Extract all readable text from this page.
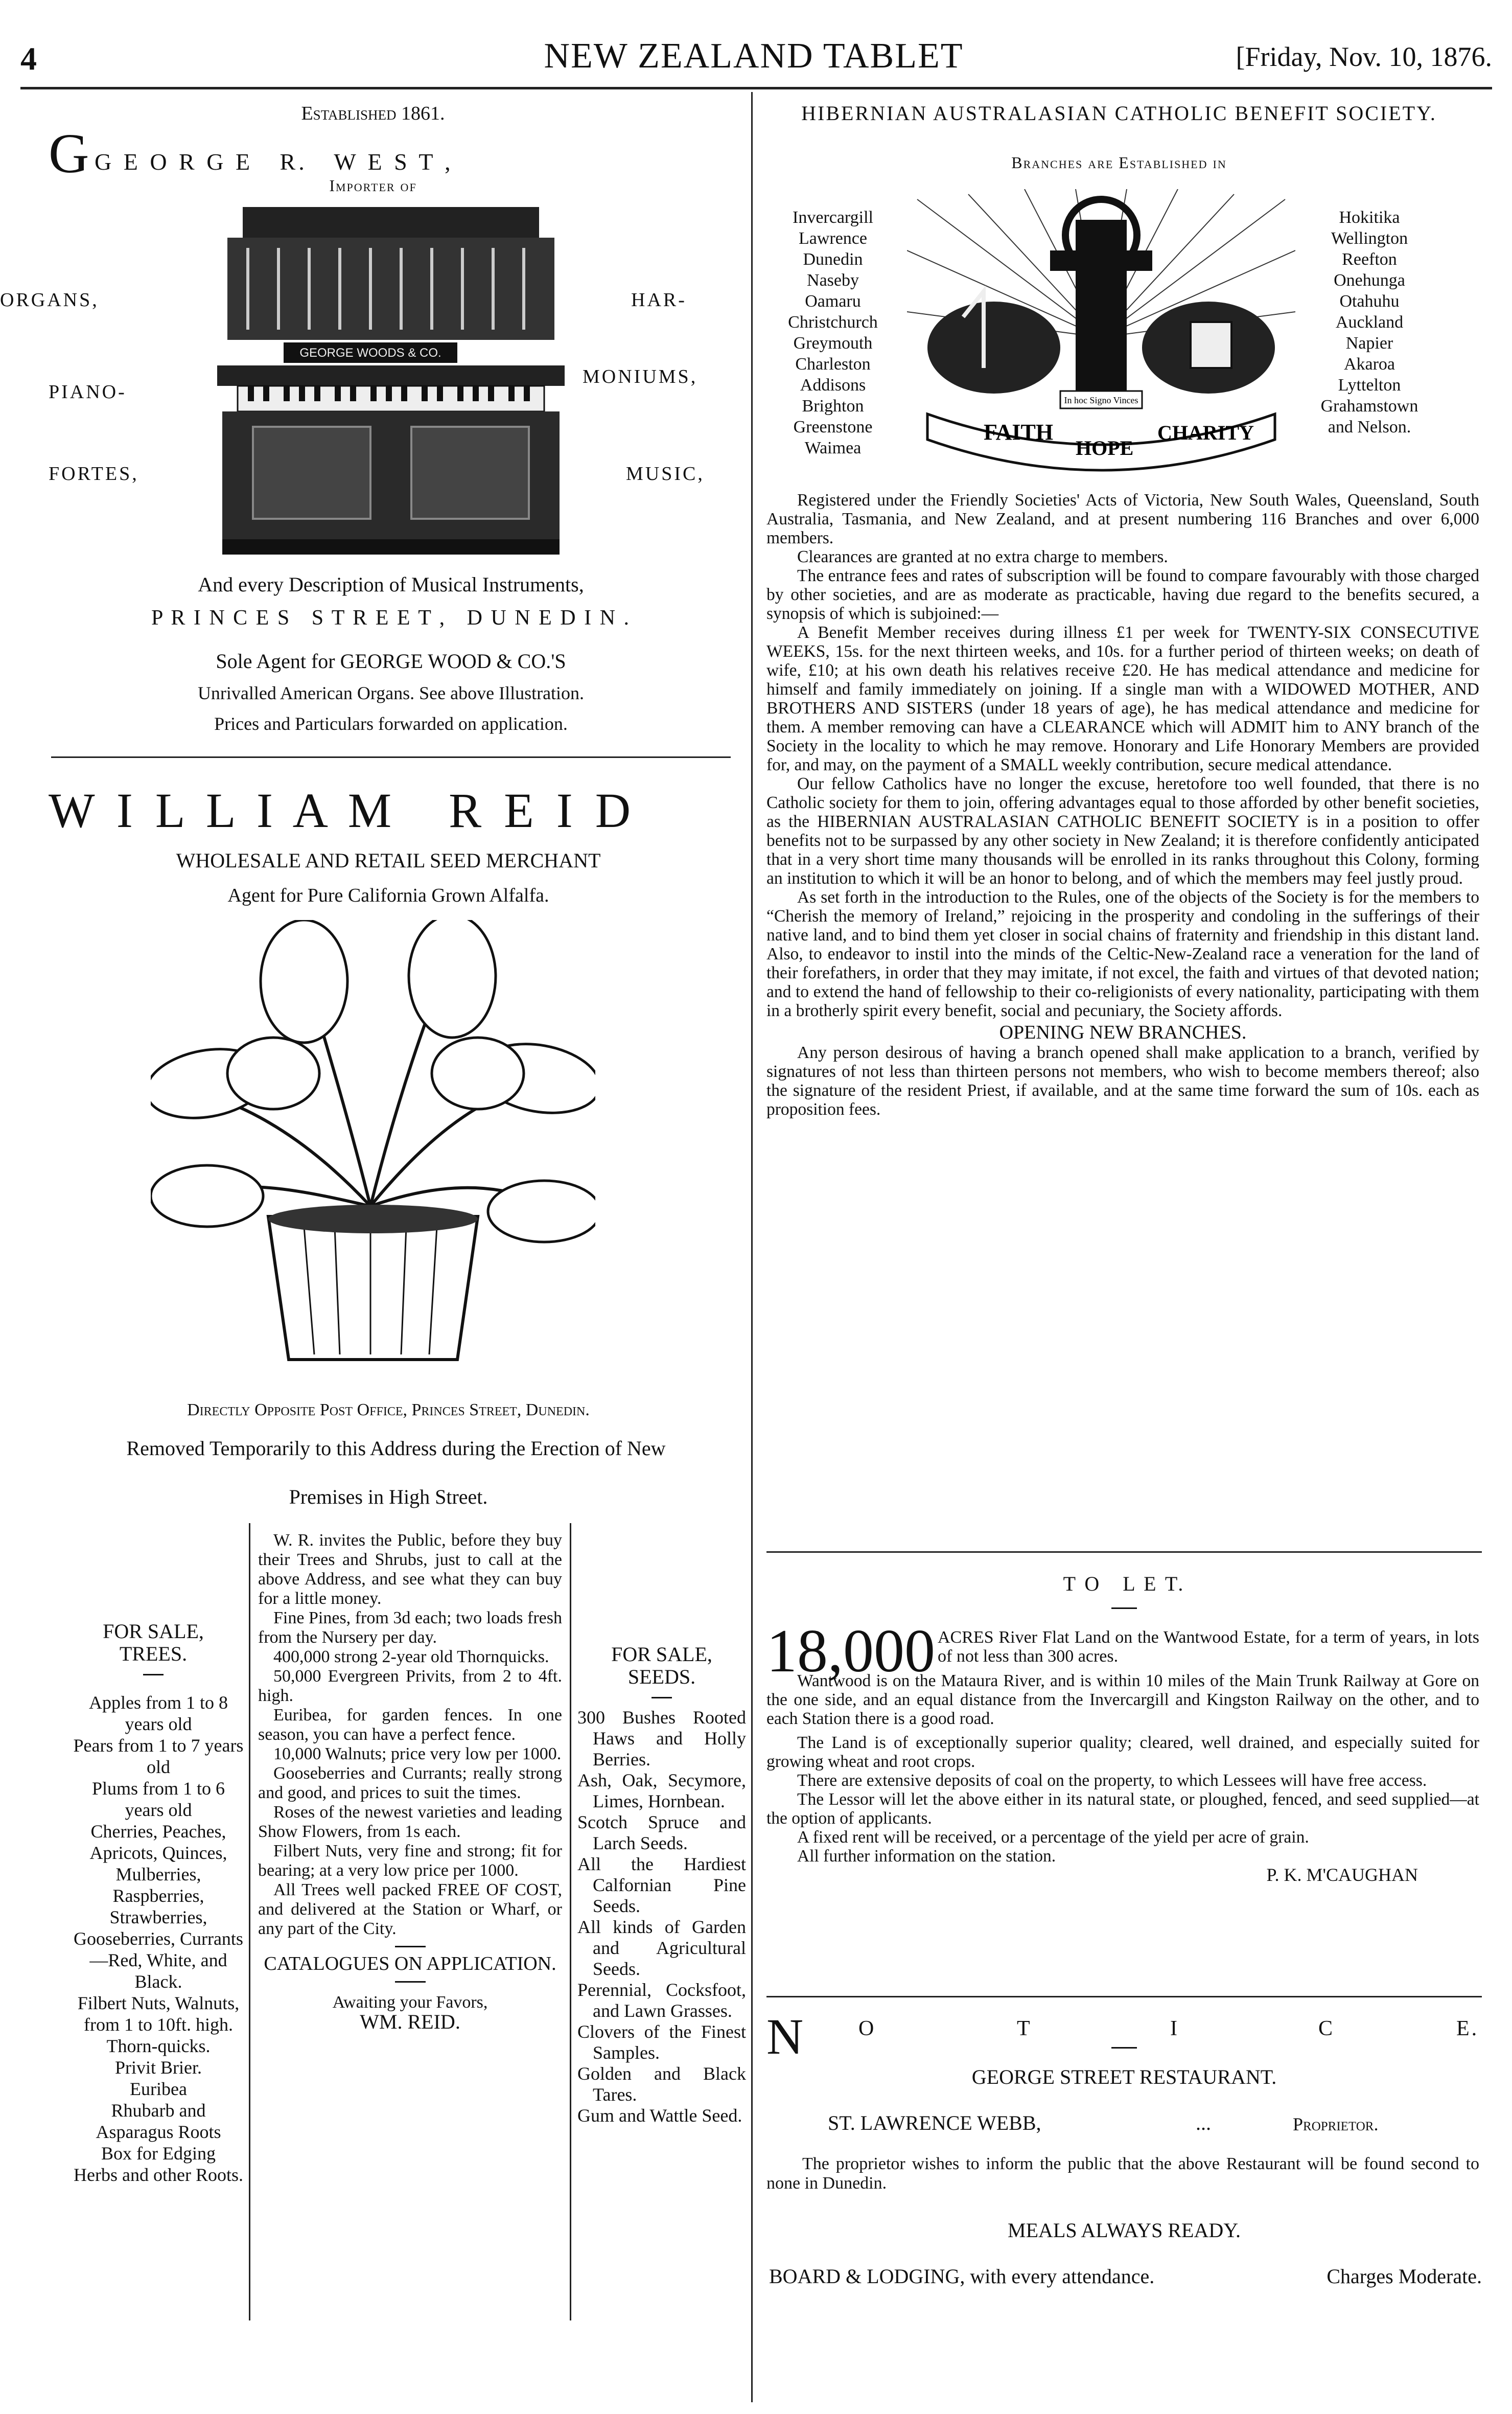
4	NEW ZEALAND TABLET	[Friday, Nov. 10, 1876.
Established 1861.
G G E O R G E   R.   W E S T ,
Importer of
ORGANS,
PIANO-
FORTES,
HAR-
MONIUMS,
MUSIC,
GEORGE WOODS & CO.
And every Description of Musical Instruments,
P R I N C E S   S T R E E T ,   D U N E D I N .
Sole Agent for GEORGE WOOD & CO.'S
Unrivalled American Organs. See above Illustration.
Prices and Particulars forwarded on application.
W I L L I A M   R E I D
WHOLESALE AND RETAIL SEED MERCHANT
Agent for Pure California Grown Alfalfa.
Directly Opposite Post Office, Princes Street, Dunedin.
Removed Temporarily to this Address during the Erection of New
Premises in High Street.
FOR SALE, TREES.
Apples from 1 to 8 years old
Pears from 1 to 7 years old
Plums from 1 to 6 years old
Cherries, Peaches, Apricots, Quinces, Mulberries, Raspberries, Strawberries, Gooseberries, Currants—Red, White, and Black.
Filbert Nuts, Walnuts, from 1 to 10ft. high.
Thorn-quicks.
Privit Brier.
Euribea
Rhubarb and Asparagus Roots
Box for Edging
Herbs and other Roots.

W. R. invites the Public, before they buy their Trees and Shrubs, just to call at the above Address, and see what they can buy for a little money.

Fine Pines, from 3d each; two loads fresh from the Nursery per day.

400,000 strong 2-year old Thornquicks.

50,000 Evergreen Privits, from 2 to 4ft. high.

Euribea, for garden fences. In one season, you can have a perfect fence.

10,000 Walnuts; price very low per 1000.

Gooseberries and Currants; really strong and good, and prices to suit the times.

Roses of the newest varieties and leading Show Flowers, from 1s each.

Filbert Nuts, very fine and strong; fit for bearing; at a very low price per 1000.

All Trees well packed FREE OF COST, and delivered at the Station or Wharf, or any part of the City.

CATALOGUES ON APPLICATION.

Awaiting your Favors,

WM. REID.

FOR SALE, SEEDS.
300 Bushes Rooted Haws and Holly Berries.
Ash, Oak, Secymore, Limes, Hornbean.
Scotch Spruce and Larch Seeds.
All the Hardiest Calfornian Pine Seeds.
All kinds of Garden and Agricultural Seeds.
Perennial, Cocksfoot, and Lawn Grasses.
Clovers of the Finest Samples.
Golden and Black Tares.
Gum and Wattle Seed.
HIBERNIAN AUSTRALASIAN CATHOLIC BENEFIT SOCIETY.
Branches are Established in
Invercargill
Lawrence
Dunedin
Naseby
Oamaru
Christchurch
Greymouth
Charleston
Addisons
Brighton
Greenstone
Waimea
In hoc Signo Vinces
FAITH
HOPE
CHARITY
Hokitika
Wellington
Reefton
Onehunga
Otahuhu
Auckland
Napier
Akaroa
Lyttelton
Grahamstown
and Nelson.

Registered under the Friendly Societies' Acts of Victoria, New South Wales, Queensland, South Australia, Tasmania, and New Zealand, and at present numbering 116 Branches and over 6,000 members.

Clearances are granted at no extra charge to members.

The entrance fees and rates of subscription will be found to compare favourably with those charged by other societies, and are as moderate as practicable, having due regard to the benefits secured, a synopsis of which is subjoined:—

A Benefit Member receives during illness £1 per week for TWENTY-SIX CONSECUTIVE WEEKS, 15s. for the next thirteen weeks, and 10s. for a further period of thirteen weeks; on death of wife, £10; at his own death his relatives receive £20. He has medical attendance and medicine for himself and family immediately on joining. If a single man with a WIDOWED MOTHER, AND BROTHERS AND SISTERS (under 18 years of age), he has medical attendance and medicine for them. A member removing can have a CLEARANCE which will ADMIT him to ANY branch of the Society in the locality to which he may remove. Honorary and Life Honorary Members are provided for, and may, on the payment of a SMALL weekly contribution, secure medical attendance.

Our fellow Catholics have no longer the excuse, heretofore too well founded, that there is no Catholic society for them to join, offering advantages equal to those afforded by other benefit societies, as the HIBERNIAN AUSTRALASIAN CATHOLIC BENEFIT SOCIETY is in a position to offer benefits not to be surpassed by any other society in New Zealand; it is therefore confidently anticipated that in a very short time many thousands will be enrolled in its ranks throughout this Colony, forming an institution to which it will be an honor to belong, and of which the members may feel justly proud.

As set forth in the introduction to the Rules, one of the objects of the Society is for the members to “Cherish the memory of Ireland,” rejoicing in the prosperity and condoling in the sufferings of their native land, and to bind them yet closer in social chains of fraternity and friendship in this distant land. Also, to endeavor to instil into the minds of the Celtic-New-Zealand race a veneration for the land of their forefathers, in order that they may imitate, if not excel, the faith and virtues of that devoted nation; and to extend the hand of fellowship to their co-religionists of every nationality, participating with them in a brotherly spirit every benefit, social and pecuniary, the Society affords.

OPENING NEW BRANCHES.

Any person desirous of having a branch opened shall make application to a branch, verified by signatures of not less than thirteen persons not members, who wish to become members thereof; also the signature of the resident Priest, if available, and at the same time forward the sum of 10s. each as proposition fees.

T O   L E T.
18,000 ACRES River Flat Land on the Wantwood Estate, for a term of years, in lots of not less than 300 acres.

Wantwood is on the Mataura River, and is within 10 miles of the Main Trunk Railway at Gore on the one side, and an equal distance from the Invercargill and Kingston Railway on the other, and to each Station there is a good road.

The Land is of exceptionally superior quality; cleared, well drained, and especially suited for growing wheat and root crops.

There are extensive deposits of coal on the property, to which Lessees will have free access.

The Lessor will let the above either in its natural state, or ploughed, fenced, and seed supplied—at the option of applicants.

A fixed rent will be received, or a percentage of the yield per acre of grain.

All further information on the station.

P. K. M'CAUGHAN

N	O	T	I	C	E.
GEORGE STREET RESTAURANT.
ST. LAWRENCE WEBB,	...	Proprietor.
The proprietor wishes to inform the public that the above Restaurant will be found second to none in Dunedin.
MEALS ALWAYS READY.
BOARD & LODGING, with every attendance.	Charges Moderate.
